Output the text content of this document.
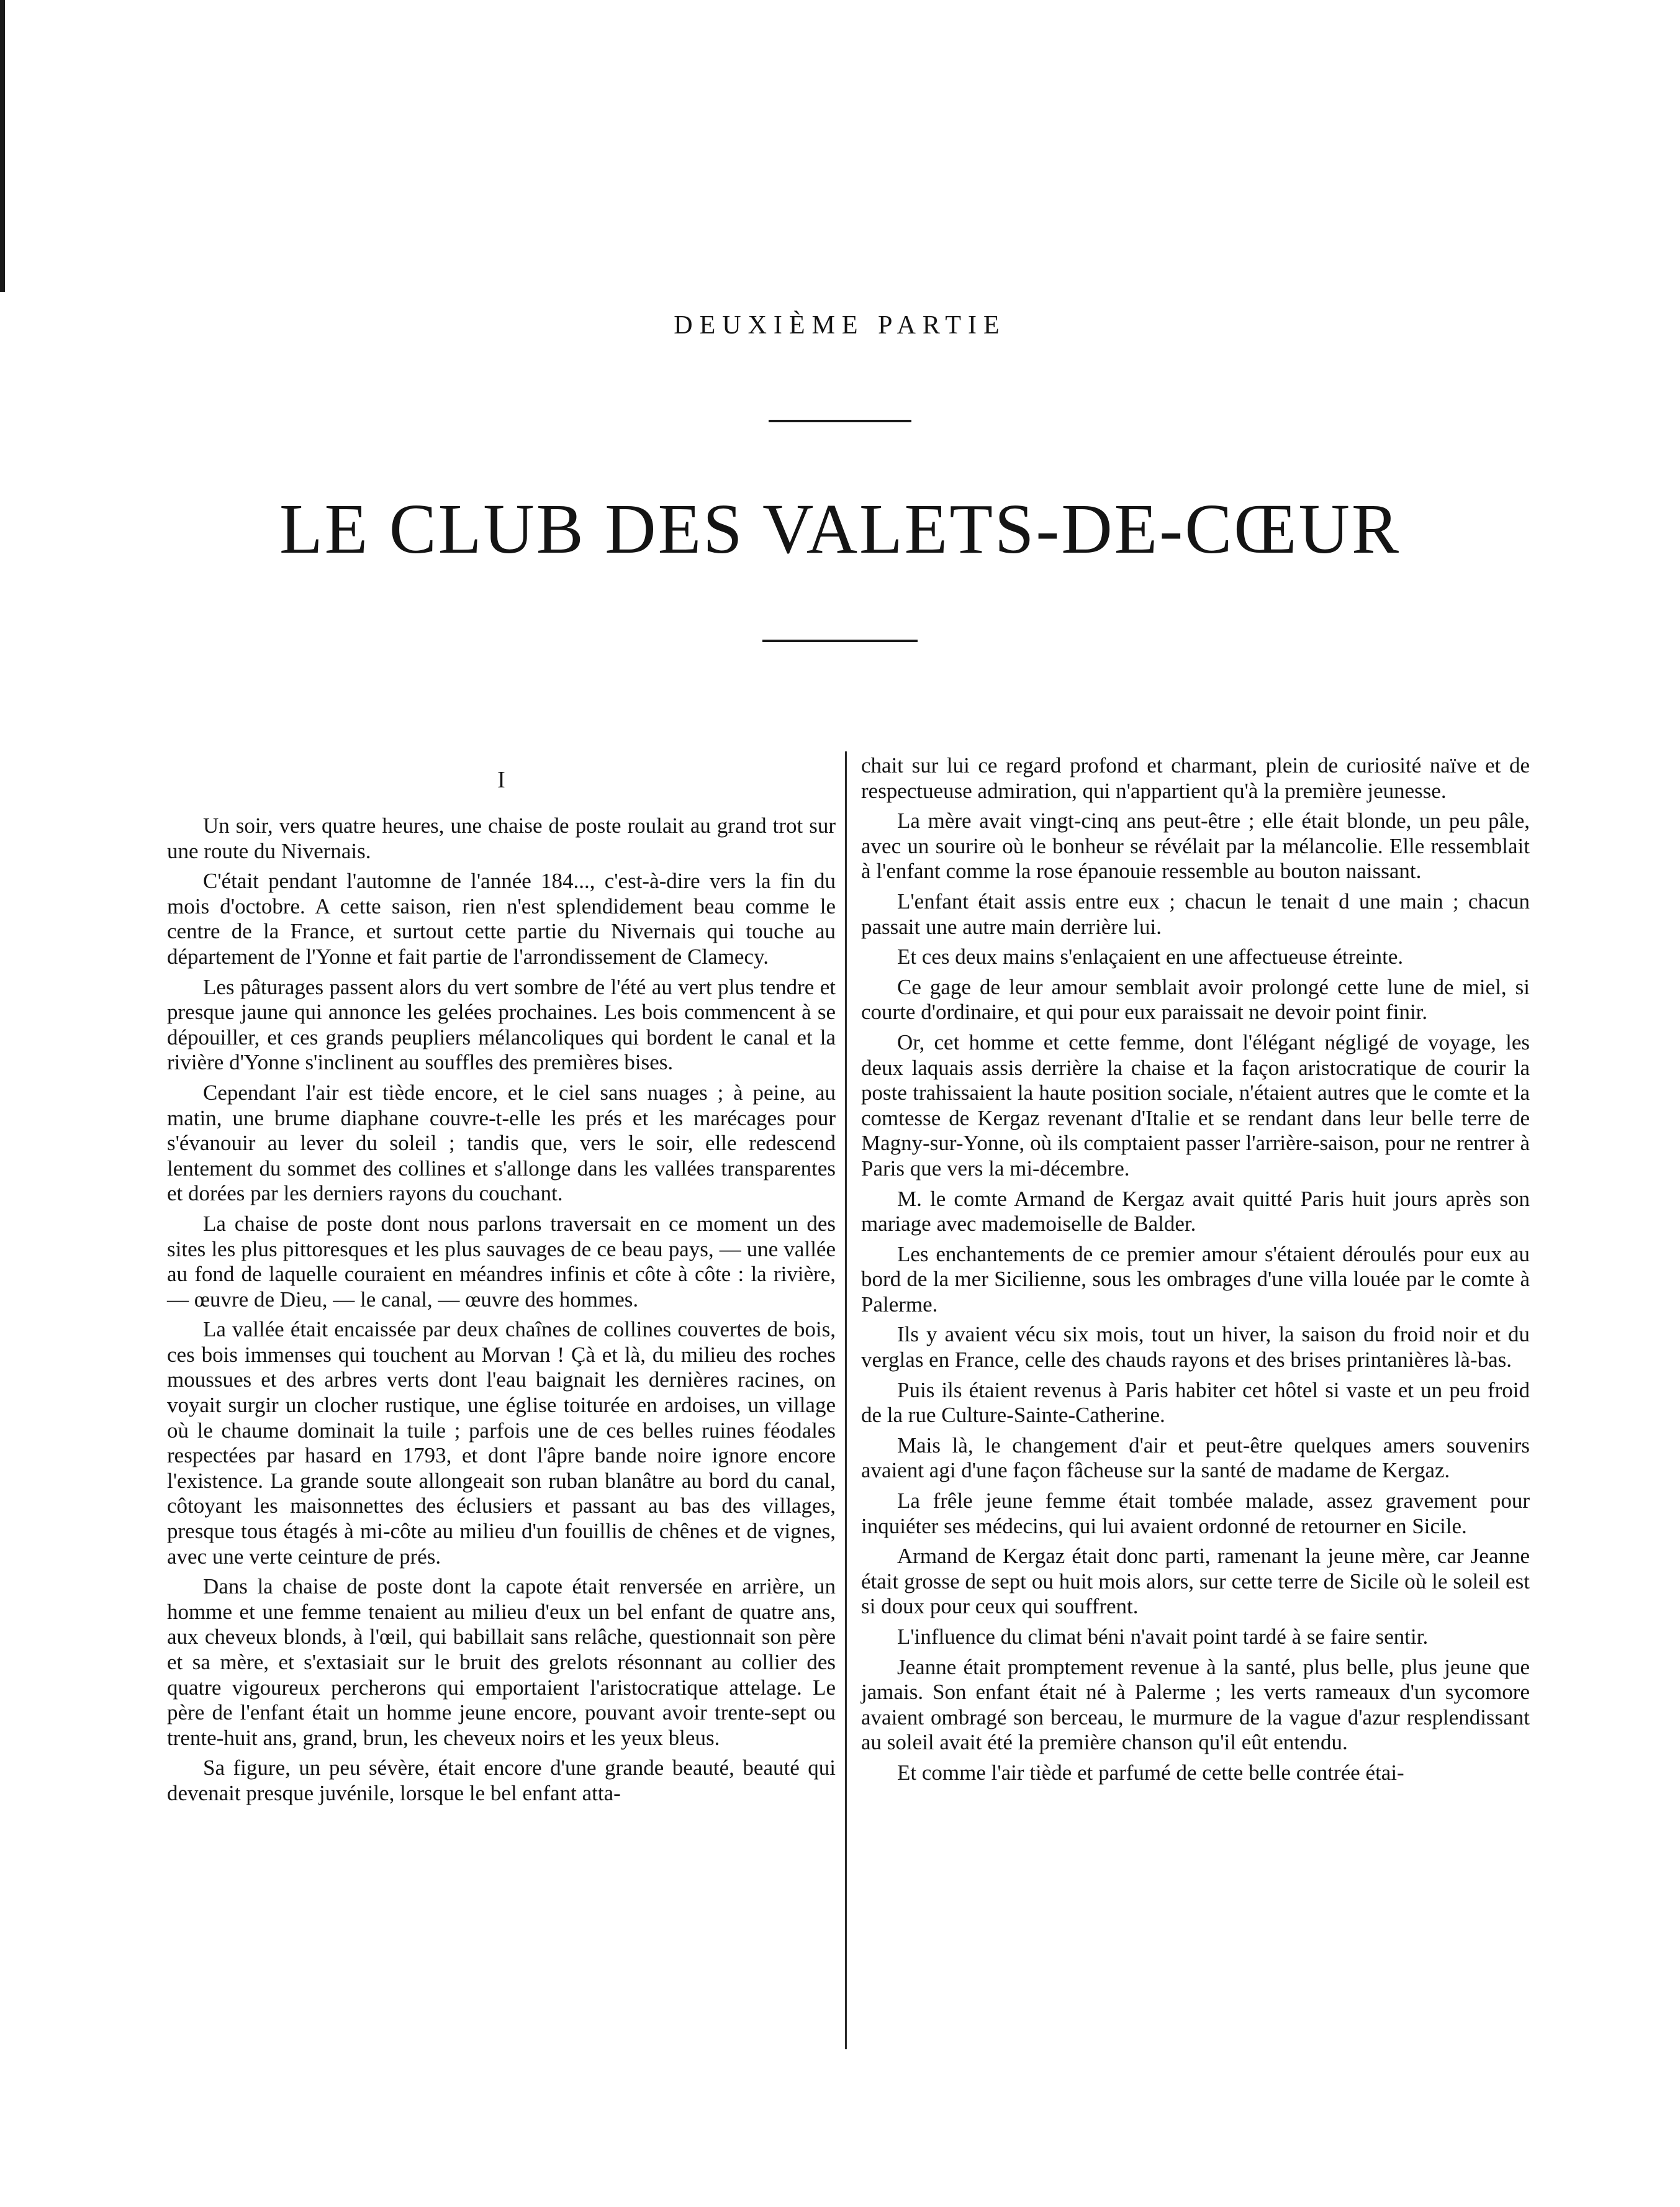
DEUXIÈME PARTIE
LE CLUB DES VALETS-DE-CŒUR
I

Un soir, vers quatre heures, une chaise de poste roulait au grand trot sur une route du Nivernais.

C'était pendant l'automne de l'année 184..., c'est-à-dire vers la fin du mois d'octobre. A cette saison, rien n'est splendidement beau comme le centre de la France, et surtout cette partie du Nivernais qui touche au département de l'Yonne et fait partie de l'arrondissement de Clamecy.

Les pâturages passent alors du vert sombre de l'été au vert plus tendre et presque jaune qui annonce les gelées prochaines. Les bois commencent à se dépouiller, et ces grands peupliers mélancoliques qui bordent le canal et la rivière d'Yonne s'inclinent au souffles des premières bises.

Cependant l'air est tiède encore, et le ciel sans nuages ; à peine, au matin, une brume diaphane couvre-t-elle les prés et les marécages pour s'évanouir au lever du soleil ; tandis que, vers le soir, elle redescend lentement du sommet des collines et s'allonge dans les vallées transparentes et dorées par les derniers rayons du couchant.

La chaise de poste dont nous parlons traversait en ce moment un des sites les plus pittoresques et les plus sauvages de ce beau pays, — une vallée au fond de laquelle couraient en méandres infinis et côte à côte : la rivière, — œuvre de Dieu, — le canal, — œuvre des hommes.

La vallée était encaissée par deux chaînes de collines couvertes de bois, ces bois immenses qui touchent au Morvan ! Çà et là, du milieu des roches moussues et des arbres verts dont l'eau baignait les dernières racines, on voyait surgir un clocher rustique, une église toiturée en ardoises, un village où le chaume dominait la tuile ; parfois une de ces belles ruines féodales respectées par hasard en 1793, et dont l'âpre bande noire ignore encore l'existence. La grande soute allongeait son ruban blanâtre au bord du canal, côtoyant les maisonnettes des éclusiers et passant au bas des villages, presque tous étagés à mi-côte au milieu d'un fouillis de chênes et de vignes, avec une verte ceinture de prés.

Dans la chaise de poste dont la capote était renversée en arrière, un homme et une femme tenaient au milieu d'eux un bel enfant de quatre ans, aux cheveux blonds, à l'œil, qui babillait sans relâche, questionnait son père et sa mère, et s'extasiait sur le bruit des grelots résonnant au collier des quatre vigoureux percherons qui emportaient l'aristocratique attelage. Le père de l'enfant était un homme jeune encore, pouvant avoir trente-sept ou trente-huit ans, grand, brun, les cheveux noirs et les yeux bleus.

Sa figure, un peu sévère, était encore d'une grande beauté, beauté qui devenait presque juvénile, lorsque le bel enfant atta-

chait sur lui ce regard profond et charmant, plein de curiosité naïve et de respectueuse admiration, qui n'appartient qu'à la première jeunesse.

La mère avait vingt-cinq ans peut-être ; elle était blonde, un peu pâle, avec un sourire où le bonheur se révélait par la mélancolie. Elle ressemblait à l'enfant comme la rose épanouie ressemble au bouton naissant.

L'enfant était assis entre eux ; chacun le tenait d une main ; chacun passait une autre main derrière lui.

Et ces deux mains s'enlaçaient en une affectueuse étreinte.

Ce gage de leur amour semblait avoir prolongé cette lune de miel, si courte d'ordinaire, et qui pour eux paraissait ne devoir point finir.

Or, cet homme et cette femme, dont l'élégant négligé de voyage, les deux laquais assis derrière la chaise et la façon aristocratique de courir la poste trahissaient la haute position sociale, n'étaient autres que le comte et la comtesse de Kergaz revenant d'Italie et se rendant dans leur belle terre de Magny-sur-Yonne, où ils comptaient passer l'arrière-saison, pour ne rentrer à Paris que vers la mi-décembre.

M. le comte Armand de Kergaz avait quitté Paris huit jours après son mariage avec mademoiselle de Balder.

Les enchantements de ce premier amour s'étaient déroulés pour eux au bord de la mer Sicilienne, sous les ombrages d'une villa louée par le comte à Palerme.

Ils y avaient vécu six mois, tout un hiver, la saison du froid noir et du verglas en France, celle des chauds rayons et des brises printanières là-bas.

Puis ils étaient revenus à Paris habiter cet hôtel si vaste et un peu froid de la rue Culture-Sainte-Catherine.

Mais là, le changement d'air et peut-être quelques amers souvenirs avaient agi d'une façon fâcheuse sur la santé de madame de Kergaz.

La frêle jeune femme était tombée malade, assez gravement pour inquiéter ses médecins, qui lui avaient ordonné de retourner en Sicile.

Armand de Kergaz était donc parti, ramenant la jeune mère, car Jeanne était grosse de sept ou huit mois alors, sur cette terre de Sicile où le soleil est si doux pour ceux qui souffrent.

L'influence du climat béni n'avait point tardé à se faire sentir.

Jeanne était promptement revenue à la santé, plus belle, plus jeune que jamais. Son enfant était né à Palerme ; les verts rameaux d'un sycomore avaient ombragé son berceau, le murmure de la vague d'azur resplendissant au soleil avait été la première chanson qu'il eût entendu.

Et comme l'air tiède et parfumé de cette belle contrée étai-
